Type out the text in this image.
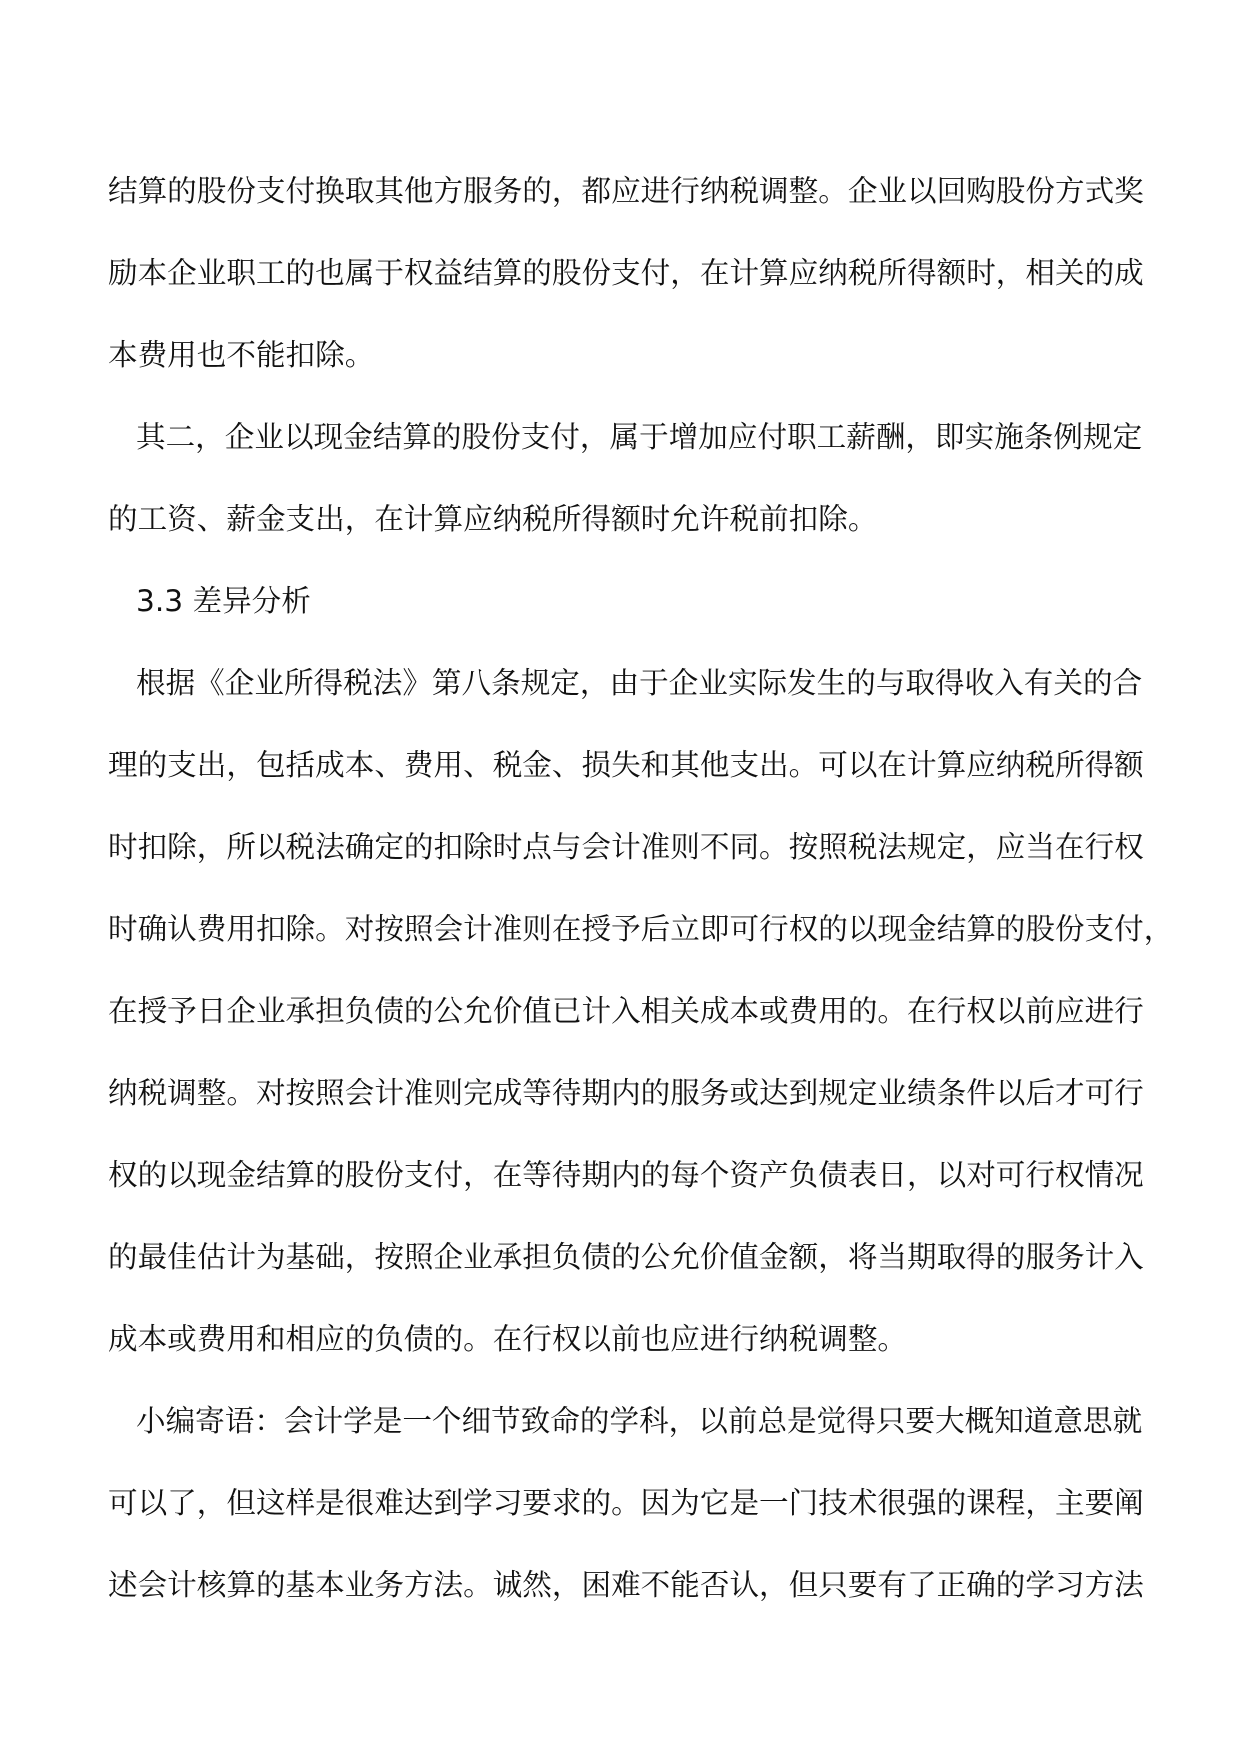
结算的股份支付换取其他方服务的，都应进行纳税调整。企业以回购股份方式奖
励本企业职工的也属于权益结算的股份支付，在计算应纳税所得额时，相关的成
本费用也不能扣除。
其二，企业以现金结算的股份支付，属于增加应付职工薪酬，即实施条例规定
的工资、薪金支出，在计算应纳税所得额时允许税前扣除。
3.3 差异分析
根据《企业所得税法》第八条规定，由于企业实际发生的与取得收入有关的合
理的支出，包括成本、费用、税金、损失和其他支出。可以在计算应纳税所得额
时扣除，所以税法确定的扣除时点与会计准则不同。按照税法规定，应当在行权
时确认费用扣除。对按照会计准则在授予后立即可行权的以现金结算的股份支付，
在授予日企业承担负债的公允价值已计入相关成本或费用的。在行权以前应进行
纳税调整。对按照会计准则完成等待期内的服务或达到规定业绩条件以后才可行
权的以现金结算的股份支付，在等待期内的每个资产负债表日，以对可行权情况
的最佳估计为基础，按照企业承担负债的公允价值金额，将当期取得的服务计入
成本或费用和相应的负债的。在行权以前也应进行纳税调整。
小编寄语：会计学是一个细节致命的学科，以前总是觉得只要大概知道意思就
可以了，但这样是很难达到学习要求的。因为它是一门技术很强的课程，主要阐
述会计核算的基本业务方法。诚然，困难不能否认，但只要有了正确的学习方法
